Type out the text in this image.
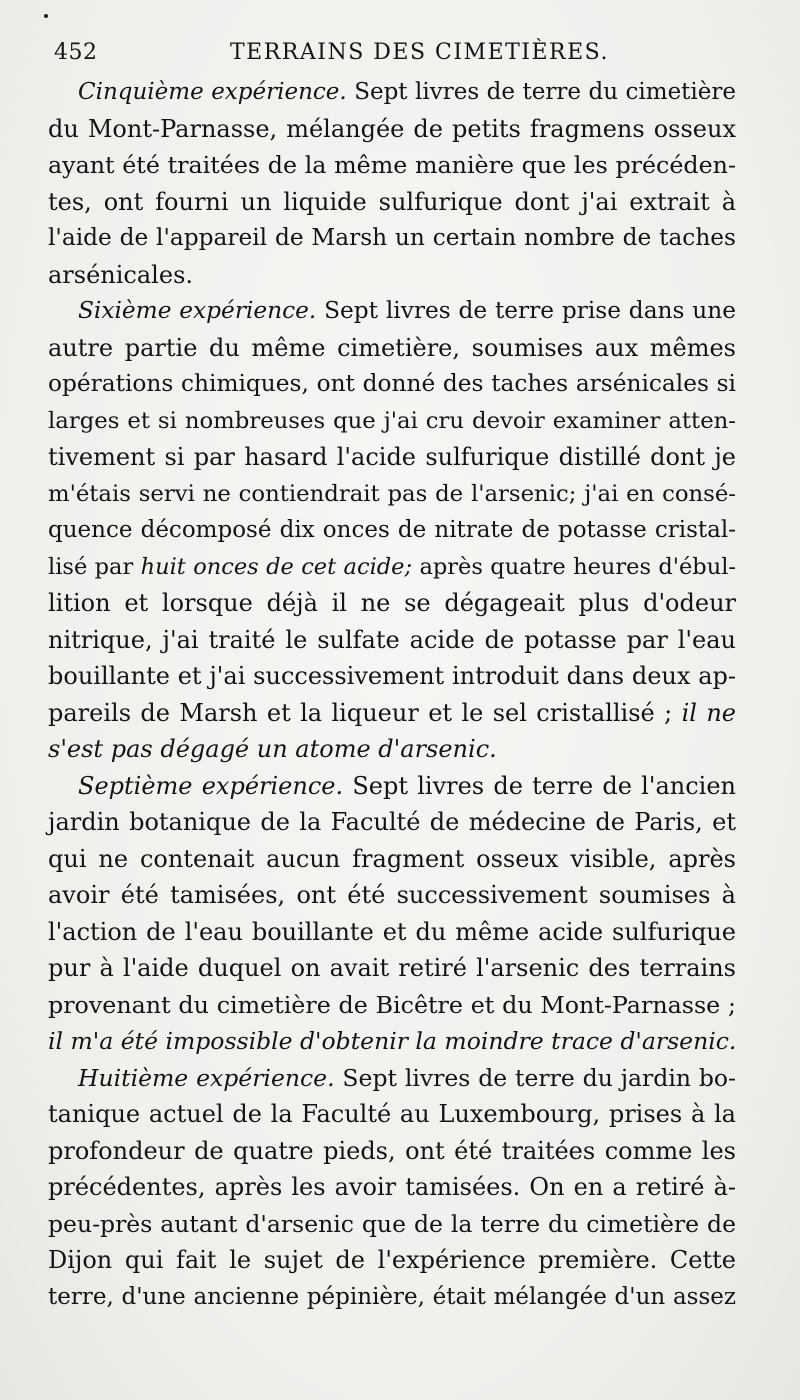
452	TERRAINS DES CIMETIÈRES.
Cinquième expérience. Sept livres de terre du cimetière
du Mont-Parnasse, mélangée de petits fragmens osseux
ayant été traitées de la même manière que les précéden-
tes, ont fourni un liquide sulfurique dont j'ai extrait à
l'aide de l'appareil de Marsh un certain nombre de taches
arsénicales.
Sixième expérience. Sept livres de terre prise dans une
autre partie du même cimetière, soumises aux mêmes
opérations chimiques, ont donné des taches arsénicales si
larges et si nombreuses que j'ai cru devoir examiner atten-
tivement si par hasard l'acide sulfurique distillé dont je
m'étais servi ne contiendrait pas de l'arsenic; j'ai en consé-
quence décomposé dix onces de nitrate de potasse cristal-
lisé par huit onces de cet acide; après quatre heures d'ébul-
lition et lorsque déjà il ne se dégageait plus d'odeur
nitrique, j'ai traité le sulfate acide de potasse par l'eau
bouillante et j'ai successivement introduit dans deux ap-
pareils de Marsh et la liqueur et le sel cristallisé ; il ne
s'est pas dégagé un atome d'arsenic.
Septième expérience. Sept livres de terre de l'ancien
jardin botanique de la Faculté de médecine de Paris, et
qui ne contenait aucun fragment osseux visible, après
avoir été tamisées, ont été successivement soumises à
l'action de l'eau bouillante et du même acide sulfurique
pur à l'aide duquel on avait retiré l'arsenic des terrains
provenant du cimetière de Bicêtre et du Mont-Parnasse ;
il m'a été impossible d'obtenir la moindre trace d'arsenic.
Huitième expérience. Sept livres de terre du jardin bo-
tanique actuel de la Faculté au Luxembourg, prises à la
profondeur de quatre pieds, ont été traitées comme les
précédentes, après les avoir tamisées. On en a retiré à-
peu-près autant d'arsenic que de la terre du cimetière de
Dijon qui fait le sujet de l'expérience première. Cette
terre, d'une ancienne pépinière, était mélangée d'un assez
